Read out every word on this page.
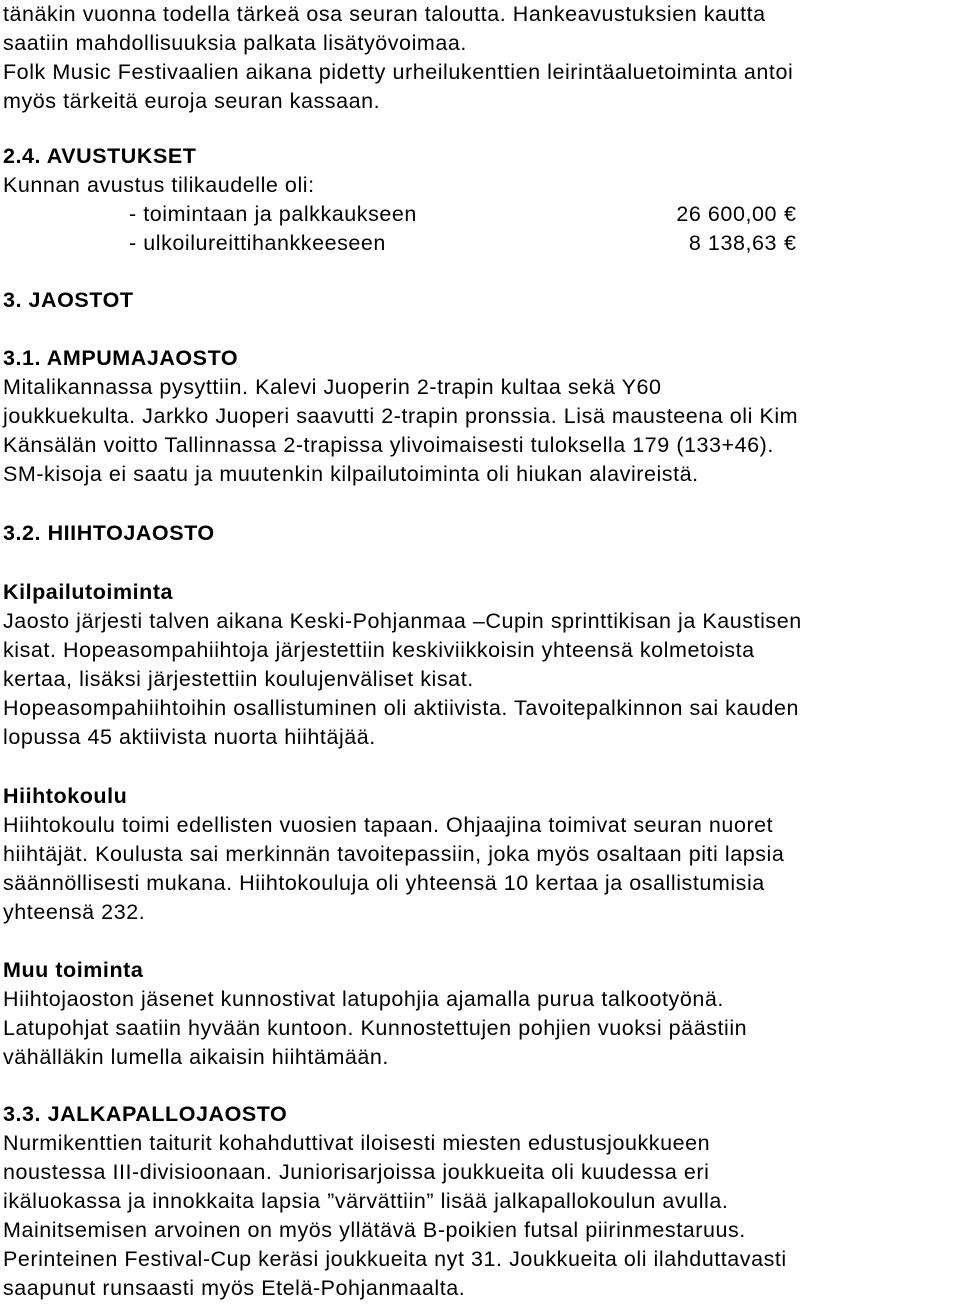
tänäkin vuonna todella tärkeä osa seuran taloutta. Hankeavustuksien kautta
saatiin mahdollisuuksia palkata lisätyövoimaa.
Folk Music Festivaalien aikana pidetty urheilukenttien leirintäaluetoiminta antoi
myös tärkeitä euroja seuran kassaan.
2.4. AVUSTUKSET
Kunnan avustus tilikaudelle oli:
- toimintaan ja palkkaukseen	26 600,00 €
- ulkoilureittihankkeeseen	8 138,63 €
3. JAOSTOT
3.1. AMPUMAJAOSTO
Mitalikannassa pysyttiin. Kalevi Juoperin 2-trapin kultaa sekä Y60
joukkuekulta. Jarkko Juoperi saavutti 2-trapin pronssia. Lisä mausteena oli Kim
Känsälän voitto Tallinnassa 2-trapissa ylivoimaisesti tuloksella 179 (133+46).
SM-kisoja ei saatu ja muutenkin kilpailutoiminta oli hiukan alavireistä.
3.2. HIIHTOJAOSTO
Kilpailutoiminta
Jaosto järjesti talven aikana Keski-Pohjanmaa –Cupin sprinttikisan ja Kaustisen
kisat. Hopeasompahiihtoja järjestettiin keskiviikkoisin yhteensä kolmetoista
kertaa, lisäksi järjestettiin koulujenväliset kisat.
Hopeasompahiihtoihin osallistuminen oli aktiivista. Tavoitepalkinnon sai kauden
lopussa 45 aktiivista nuorta hiihtäjää.
Hiihtokoulu
Hiihtokoulu toimi edellisten vuosien tapaan. Ohjaajina toimivat seuran nuoret
hiihtäjät. Koulusta sai merkinnän tavoitepassiin, joka myös osaltaan piti lapsia
säännöllisesti mukana. Hiihtokouluja oli yhteensä 10 kertaa ja osallistumisia
yhteensä 232.
Muu toiminta
Hiihtojaoston jäsenet kunnostivat latupohjia ajamalla purua talkootyönä.
Latupohjat saatiin hyvään kuntoon. Kunnostettujen pohjien vuoksi päästiin
vähälläkin lumella aikaisin hiihtämään.
3.3. JALKAPALLOJAOSTO
Nurmikenttien taiturit kohahduttivat iloisesti miesten edustusjoukkueen
noustessa III-divisioonaan. Juniorisarjoissa joukkueita oli kuudessa eri
ikäluokassa ja innokkaita lapsia ”värvättiin” lisää jalkapallokoulun avulla.
Mainitsemisen arvoinen on myös yllätävä B-poikien futsal piirinmestaruus.
Perinteinen Festival-Cup keräsi joukkueita nyt 31. Joukkueita oli ilahduttavasti
saapunut runsaasti myös Etelä-Pohjanmaalta.
